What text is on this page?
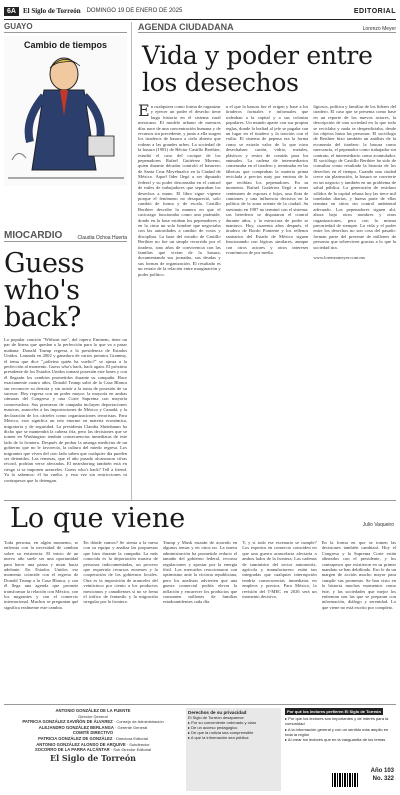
6A	El Siglo de Torreón DOMINGO 19 DE ENERO DE 2025	EDITORIAL
GUAYO
Cambio de tiempos
MIOCARDIO	Claudia Ochoa Huerta
Guess who's back?
La popular canción "Without me", del rapero Eminem, tiene un par de líneas que quedan a la perfección para lo que va a pasar mañana: Donald Trump regresa a la presidencia de Estados Unidos. Lanzada en 2002 y ganadora de varios premios Grammy, el tema que dice "¿adivina quién ha vuelto?" se ajusta a la perfección al momento. Guess who's back, back again. El próximo presidente de los Estados Unidos tomará posesión este lunes y con él llegarán los cambios prometidos durante su campaña. Hace exactamente cuatro años, Donald Trump salió de la Casa Blanca sin reconocer su derrota y sin asistir a la toma de posesión de su sucesor. Hoy regresa con un poder mayor: la mayoría en ambas cámaras del Congreso y una Corte Suprema con mayoría conservadora. Sus promesas de campaña incluyen deportaciones masivas, aranceles a las importaciones de México y Canadá, y la declaración de los cárteles como organizaciones terroristas. Para México, esto significa un reto enorme en materia económica, migratoria y de seguridad. La presidenta Claudia Sheinbaum ha dicho que se mantendrá la cabeza fría, pero las decisiones que se tomen en Washington tendrán consecuencias inmediatas de este lado de la frontera. Después de probar la amarga medicina de un gobierno que no le favorecía, la cultura del miedo regresa. Los migrantes que viven del otro lado saben que cualquier día pueden ser detenidos. Las remesas, que el año pasado alcanzaron cifras récord, podrían verse afectadas. El nearshoring también está en riesgo si se imponen aranceles. Guess who's back? Tell a friend. Ya lo sabemos: él ha vuelto, y esta vez sin restricciones ni contrapesos que lo detengan.
AGENDA CIUDADANA	Lorenzo Meyer
Vida y poder entre los desechos
En cualquiera como forma de organizar y ejercer un poder el desecho tiene larga historia en el sistema rural mexicano. El modelo urbano de nuestros días nace de una concentración humana y de recursos sin precedente, y junto a ella surgen los tiraderos de basura a cielo abierto que rodean a las grandes urbes. La sociedad de la basura (1981) de Héctor Castillo Berthier, estudió el caso del cacique de los pepenadores Rafael Gutiérrez Moreno, quien durante décadas controló el basurero de Santa Cruz Meyehualco en la Ciudad de México. Aquel líder llegó a ser diputado federal y su poder descansaba en el control de miles de trabajadores que separaban los desechos a mano. El libro sigue vigente porque el fenómeno no desapareció, solo cambió de forma y de escala. Castillo Berthier describe la manera en que el cacicazgo funcionaba como una pirámide, donde en la base estaban los pepenadores y en la cima un solo hombre que negociaba con las autoridades a cambio de votos y disciplina. La base del estudio de Castillo Berthier no fue un simple recorrido por el tiradero, sino años de convivencia con las familias que vivían de la basura, documentando sus jornadas, sus deudas y sus formas de organización. El resultado es un retrato de la relación entre marginación y poder político.
n el que la basura fue el origen y base a los tiraderos formales e informales que rodeaban a la capital y a sus colonias populares. Un mundo aparte con sus propias reglas, donde la lealtad al jefe se pagaba con un lugar en el tiradero y la traición con el exilio. El sistema de pepena era la forma como se extraía valor de lo que otros desechaban: cartón, vidrio, metales, plásticos y restos de comida para los animales. La cadena de intermediarios comenzaba en el tiradero y terminaba en las fábricas que compraban la materia prima reciclada a precios muy por encima de lo que recibían los pepenadores. En su momento, Rafael Gutiérrez llegó a tener centenares de esposas e hijos, una flota de camiones y una influencia decisiva en la política de la zona oriente de la ciudad. Su asesinato en 1987 no terminó con el sistema: sus herederos se disputaron el control durante años, y la estructura de poder se mantuvo. Hoy, cuarenta años después, el tiradero de Bordo Poniente y los rellenos sanitarios del Estado de México siguen funcionando con lógicas similares, aunque con otros actores y otros intereses económicos de por medio.
ligiosos, política y familiar de los líderes del tiradero. El caso que se presenta como base en un reporte de los nuevos actores, la descripción de una sociedad en la que todo se reciclaba y nada se desperdiciaba, desde los objetos hasta las personas. El sociólogo de Berthier hizo también un análisis de la economía del tiradero: la basura como mercancía, el pepenador como trabajador sin contrato, el intermediario como acumulador. El sociólogo de Castillo Berthier ha sido de consultar como resultado la historia de los desechos en el tiempo. Cuando una ciudad crece sin planeación, la basura se convierte en un negocio y también en un problema de salud pública. La generación de residuos sólidos de la capital rebasa hoy las trece mil toneladas diarias, y buena parte de ellas termina en sitios sin control ambiental adecuado. Los pepenadores siguen ahí, ahora bajo otros nombres y otras organizaciones, pero con la misma precariedad de siempre. La vida y el poder entre los desechos no son cosa del pasado: forman parte del presente de millones de personas que sobreviven gracias a lo que la sociedad tira.

www.lorenzomeyer.com.mx
Lo que viene	Julio Vaqueiro
Toda persona, en algún momento, se enfrenta con la necesidad de cambiar sobre su existencia. El inicio de un nuevo año suele ser una oportunidad para hacer una pausa y mirar hacia adelante. En Estados Unidos ese momento coincide con el regreso de Donald Trump a la Casa Blanca, y con él llega una agenda que promete transformar la relación con México, con los migrantes y con el comercio internacional. Muchos se preguntan qué significa realmente este cambio.
En dónde vamos? Se sienta a la mesa con su equipo y analiza las propuestas que hizo durante la campaña. La más conocida es la deportación masiva de personas indocumentadas, un proceso que requeriría recursos enormes y la cooperación de los gobiernos locales. Otra es la imposición de aranceles del veinticinco por ciento a los productos mexicanos y canadienses si no se frena el tráfico de fentanilo y la migración irregular por la frontera.
Trump y Musk estarán de acuerdo en algunos temas y en otros no. La nueva administración ha prometido reducir el tamaño del gobierno federal, recortar regulaciones y apostar por la energía fósil. Los mercados reaccionaron con optimismo ante la victoria republicana, pero los analistas advierten que una guerra comercial podría elevar la inflación y encarecer los productos que consumen millones de familias estadounidenses cada día.
Y, y si todo ese escenario se cumple? Los expertos en comercio coinciden en que una guerra arancelaria afectaría a ambos lados de la frontera. Las cadenas de suministro del sector automotriz, agrícola y manufacturero están tan integradas que cualquier interrupción tendría consecuencias inmediatas en empleos y precios. Para México, la revisión del T-MEC en 2026 será un momento decisivo.
En la forma en que se tomen las decisiones también cambiará. Hoy el Congreso y la Suprema Corte están alineados con el presidente, y los contrapesos que existieron en su primer mandato se han debilitado. Eso le da un margen de acción mucho mayor para cumplir sus promesas. Se han visto en la historia muchos momentos como éste, y las sociedades que mejor los enfrentan son las que se preparan con información, diálogo y serenidad. Lo que viene no está escrito por completo.
ANTONIO GONZÁLEZ DE LA FUENTE
Director General
PATRICIA GONZÁLEZ SAVIÑÓN DE ÁLVAREZ · Consejo de Administración
ALEJANDRO GONZÁLEZ BERLANGA · Gerente General
COMITÉ DIRECTIVO
PATRICIA GONZÁLEZ DE GONZÁLEZ · Directora Editorial
ANTONIO GONZÁLEZ ALONSO DE ARQUIVE · Subdirector
SOCORRO DE LA PARRA ALCÁNTAR · Sub Director Editorial
El Siglo de Torreón
Derechos de su privacidad
El Siglo de Torreón desaparece
▸ Por su conveniente ordenado y claro
▸ De un acceso pedagógico
▸ De que la noticia sea comprensible
▸ A que la información sea pública
Por qué los lectores prefieren El Siglo de Torreón
▸ Por que los lectores son importantes y de interés para la comunidad
▸ A la información general y con un sentido más amplio en toda la región
▸ Al crear los lectores que en la vanguardia de los temas
Año 103
No. 322
